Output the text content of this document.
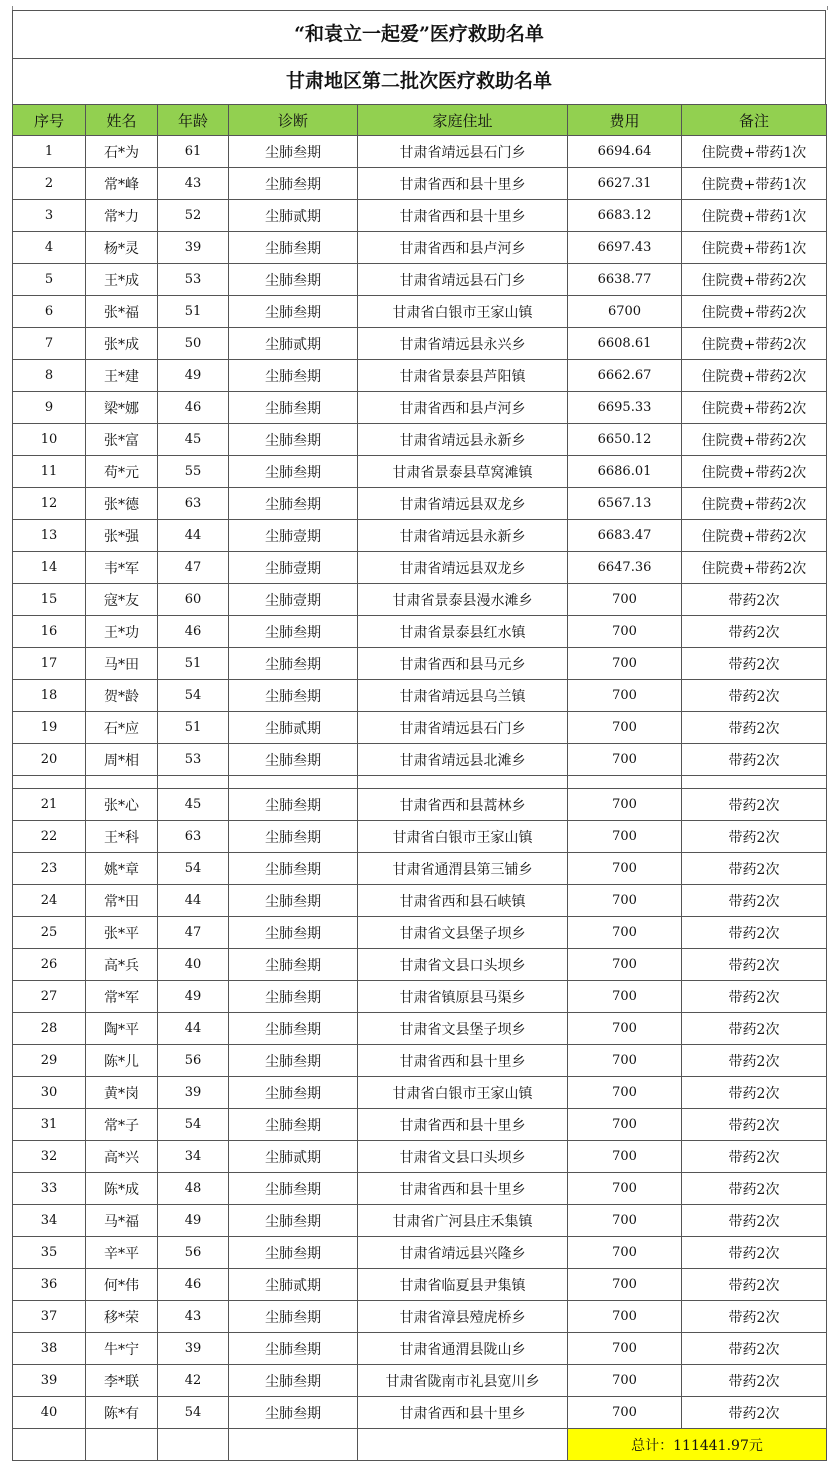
“和袁立一起爱”医疗救助名单
甘肃地区第二批次医疗救助名单
序号	姓名	年龄	诊断	家庭住址	费用	备注
1	石*为	61	尘肺叁期	甘肃省靖远县石门乡	6694.64	住院费+带药1次
2	常*峰	43	尘肺叁期	甘肃省西和县十里乡	6627.31	住院费+带药1次
3	常*力	52	尘肺贰期	甘肃省西和县十里乡	6683.12	住院费+带药1次
4	杨*灵	39	尘肺叁期	甘肃省西和县卢河乡	6697.43	住院费+带药1次
5	王*成	53	尘肺叁期	甘肃省靖远县石门乡	6638.77	住院费+带药2次
6	张*福	51	尘肺叁期	甘肃省白银市王家山镇	6700	住院费+带药2次
7	张*成	50	尘肺贰期	甘肃省靖远县永兴乡	6608.61	住院费+带药2次
8	王*建	49	尘肺叁期	甘肃省景泰县芦阳镇	6662.67	住院费+带药2次
9	梁*娜	46	尘肺叁期	甘肃省西和县卢河乡	6695.33	住院费+带药2次
10	张*富	45	尘肺叁期	甘肃省靖远县永新乡	6650.12	住院费+带药2次
11	苟*元	55	尘肺叁期	甘肃省景泰县草窝滩镇	6686.01	住院费+带药2次
12	张*德	63	尘肺叁期	甘肃省靖远县双龙乡	6567.13	住院费+带药2次
13	张*强	44	尘肺壹期	甘肃省靖远县永新乡	6683.47	住院费+带药2次
14	韦*军	47	尘肺壹期	甘肃省靖远县双龙乡	6647.36	住院费+带药2次
15	寇*友	60	尘肺壹期	甘肃省景泰县漫水滩乡	700	带药2次
16	王*功	46	尘肺叁期	甘肃省景泰县红水镇	700	带药2次
17	马*田	51	尘肺叁期	甘肃省西和县马元乡	700	带药2次
18	贺*龄	54	尘肺叁期	甘肃省靖远县乌兰镇	700	带药2次
19	石*应	51	尘肺贰期	甘肃省靖远县石门乡	700	带药2次
20	周*相	53	尘肺叁期	甘肃省靖远县北滩乡	700	带药2次

21	张*心	45	尘肺叁期	甘肃省西和县蒿林乡	700	带药2次
22	王*科	63	尘肺叁期	甘肃省白银市王家山镇	700	带药2次
23	姚*章	54	尘肺叁期	甘肃省通渭县第三铺乡	700	带药2次
24	常*田	44	尘肺叁期	甘肃省西和县石峡镇	700	带药2次
25	张*平	47	尘肺叁期	甘肃省文县堡子坝乡	700	带药2次
26	高*兵	40	尘肺叁期	甘肃省文县口头坝乡	700	带药2次
27	常*军	49	尘肺叁期	甘肃省镇原县马渠乡	700	带药2次
28	陶*平	44	尘肺叁期	甘肃省文县堡子坝乡	700	带药2次
29	陈*儿	56	尘肺叁期	甘肃省西和县十里乡	700	带药2次
30	黄*岗	39	尘肺叁期	甘肃省白银市王家山镇	700	带药2次
31	常*子	54	尘肺叁期	甘肃省西和县十里乡	700	带药2次
32	高*兴	34	尘肺贰期	甘肃省文县口头坝乡	700	带药2次
33	陈*成	48	尘肺叁期	甘肃省西和县十里乡	700	带药2次
34	马*福	49	尘肺叁期	甘肃省广河县庄禾集镇	700	带药2次
35	辛*平	56	尘肺叁期	甘肃省靖远县兴隆乡	700	带药2次
36	何*伟	46	尘肺贰期	甘肃省临夏县尹集镇	700	带药2次
37	移*荣	43	尘肺叁期	甘肃省漳县殪虎桥乡	700	带药2次
38	牛*宁	39	尘肺叁期	甘肃省通渭县陇山乡	700	带药2次
39	李*联	42	尘肺叁期	甘肃省陇南市礼县宽川乡	700	带药2次
40	陈*有	54	尘肺叁期	甘肃省西和县十里乡	700	带药2次
					总计：111441.97元	
